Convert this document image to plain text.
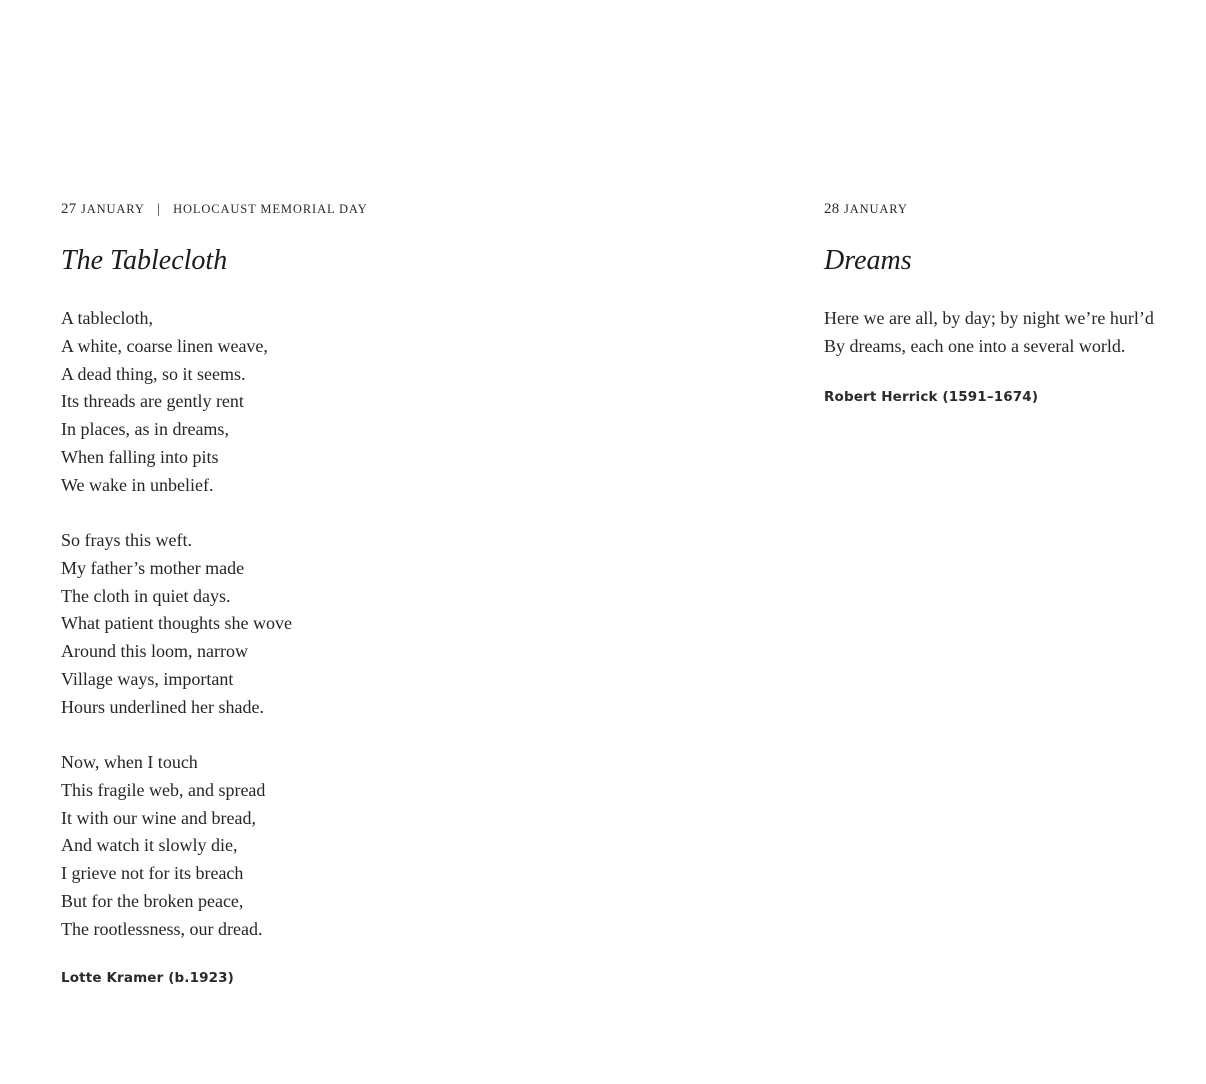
27 JANUARY | HOLOCAUST MEMORIAL DAY
The Tablecloth
A tablecloth,
A white, coarse linen weave,
A dead thing, so it seems.
Its threads are gently rent
In places, as in dreams,
When falling into pits
We wake in unbelief.
So frays this weft.
My father’s mother made
The cloth in quiet days.
What patient thoughts she wove
Around this loom, narrow
Village ways, important
Hours underlined her shade.
Now, when I touch
This fragile web, and spread
It with our wine and bread,
And watch it slowly die,
I grieve not for its breach
But for the broken peace,
The rootlessness, our dread.
Lotte Kramer (b.1923)
28 JANUARY
Dreams
Here we are all, by day; by night we’re hurl’d
By dreams, each one into a several world.
Robert Herrick (1591–1674)
